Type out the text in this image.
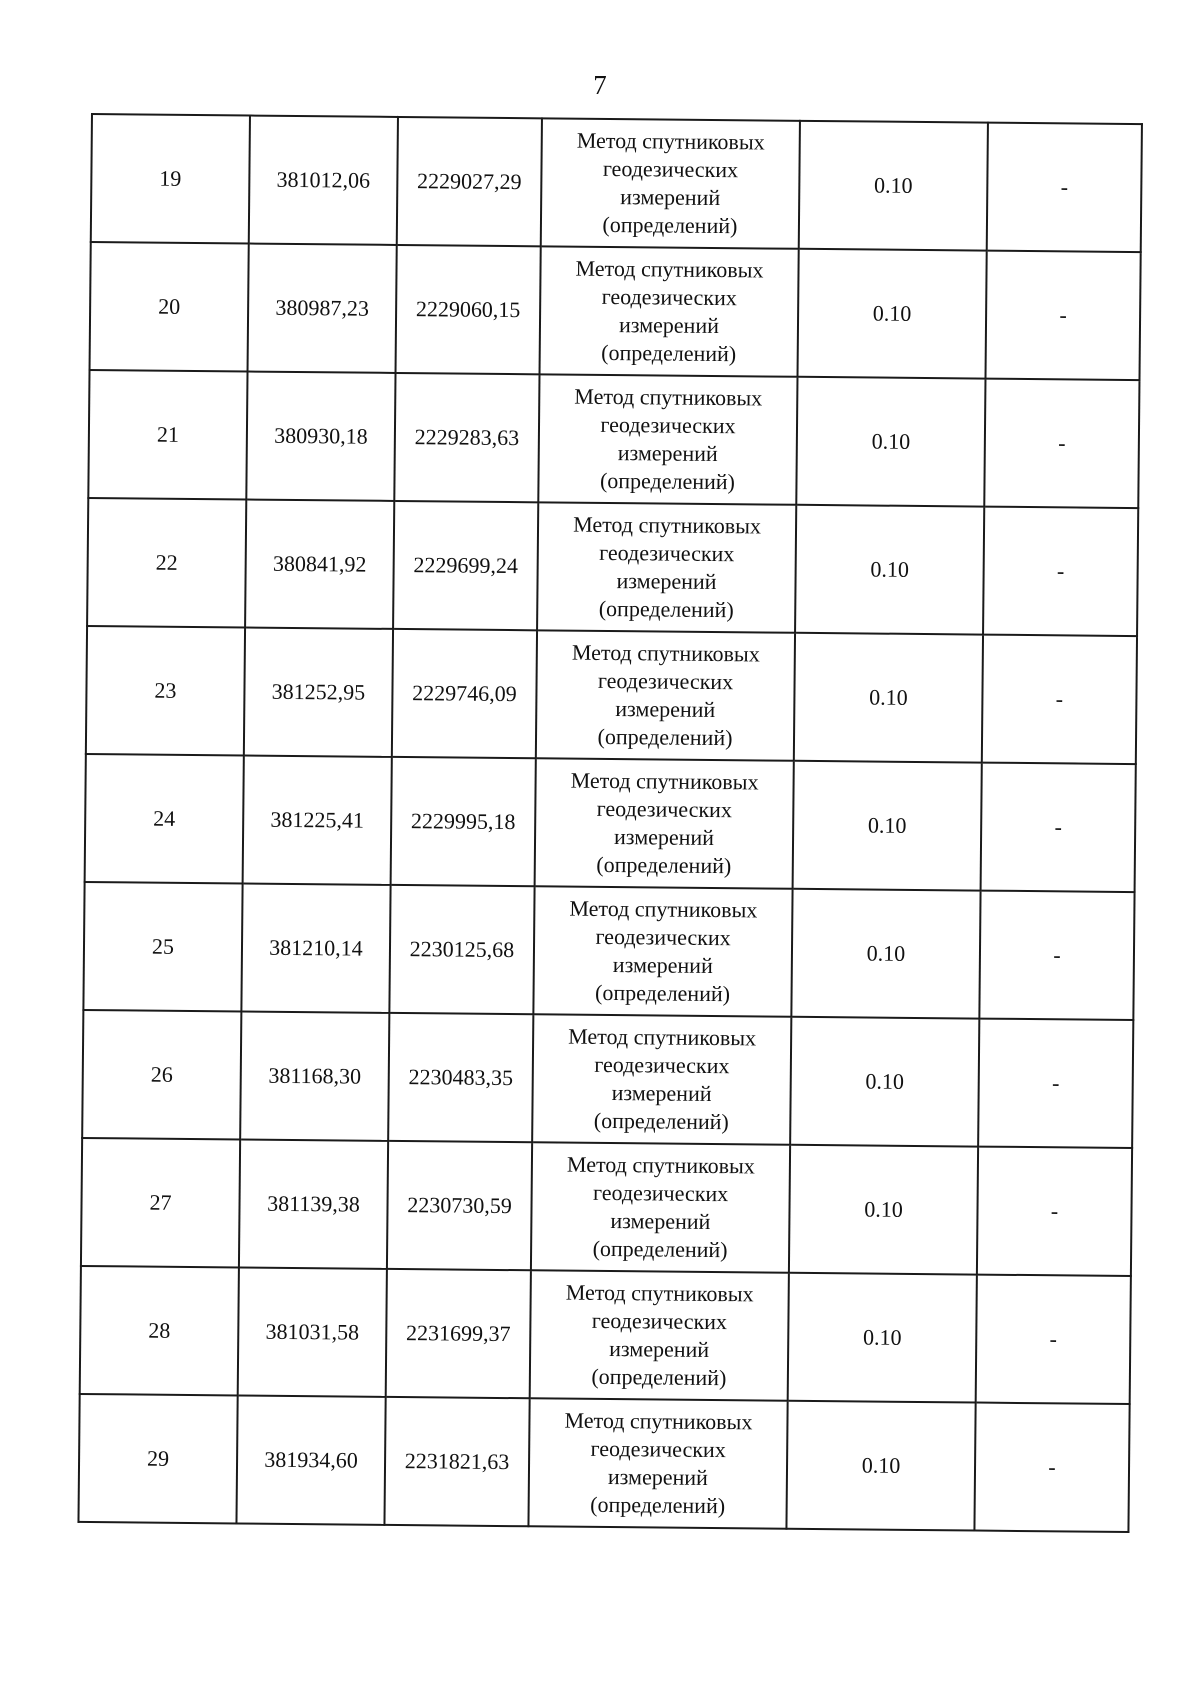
7
19	381012,06	2229027,29	Метод спутниковых
геодезических
измерений
(определений)	0.10	-
20	380987,23	2229060,15	Метод спутниковых
геодезических
измерений
(определений)	0.10	-
21	380930,18	2229283,63	Метод спутниковых
геодезических
измерений
(определений)	0.10	-
22	380841,92	2229699,24	Метод спутниковых
геодезических
измерений
(определений)	0.10	-
23	381252,95	2229746,09	Метод спутниковых
геодезических
измерений
(определений)	0.10	-
24	381225,41	2229995,18	Метод спутниковых
геодезических
измерений
(определений)	0.10	-
25	381210,14	2230125,68	Метод спутниковых
геодезических
измерений
(определений)	0.10	-
26	381168,30	2230483,35	Метод спутниковых
геодезических
измерений
(определений)	0.10	-
27	381139,38	2230730,59	Метод спутниковых
геодезических
измерений
(определений)	0.10	-
28	381031,58	2231699,37	Метод спутниковых
геодезических
измерений
(определений)	0.10	-
29	381934,60	2231821,63	Метод спутниковых
геодезических
измерений
(определений)	0.10	-
